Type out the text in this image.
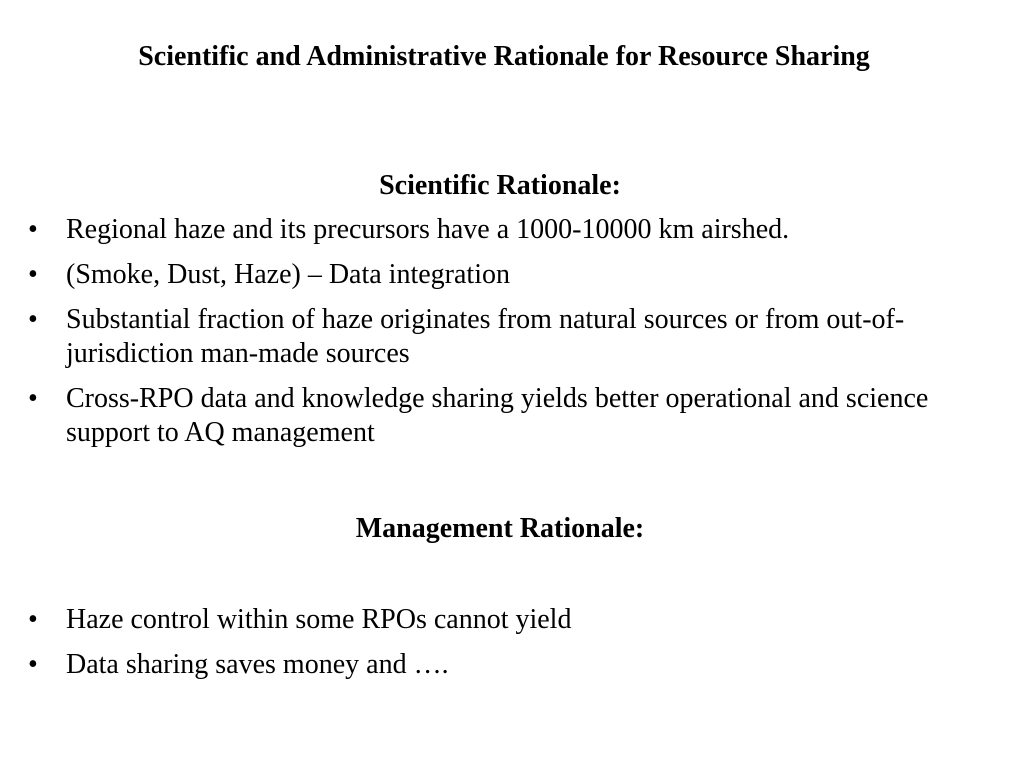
Scientific and Administrative Rationale for Resource Sharing
Scientific Rationale:
•	Regional haze and its precursors have a 1000-10000 km airshed.
•	(Smoke, Dust, Haze) – Data integration
•	Substantial fraction of haze originates from natural sources or from out-of-jurisdiction man-made sources
•	Cross-RPO data and knowledge sharing yields better operational and science support to AQ management
Management Rationale:
•	Haze control within some RPOs cannot yield
•	Data sharing saves money and ….
